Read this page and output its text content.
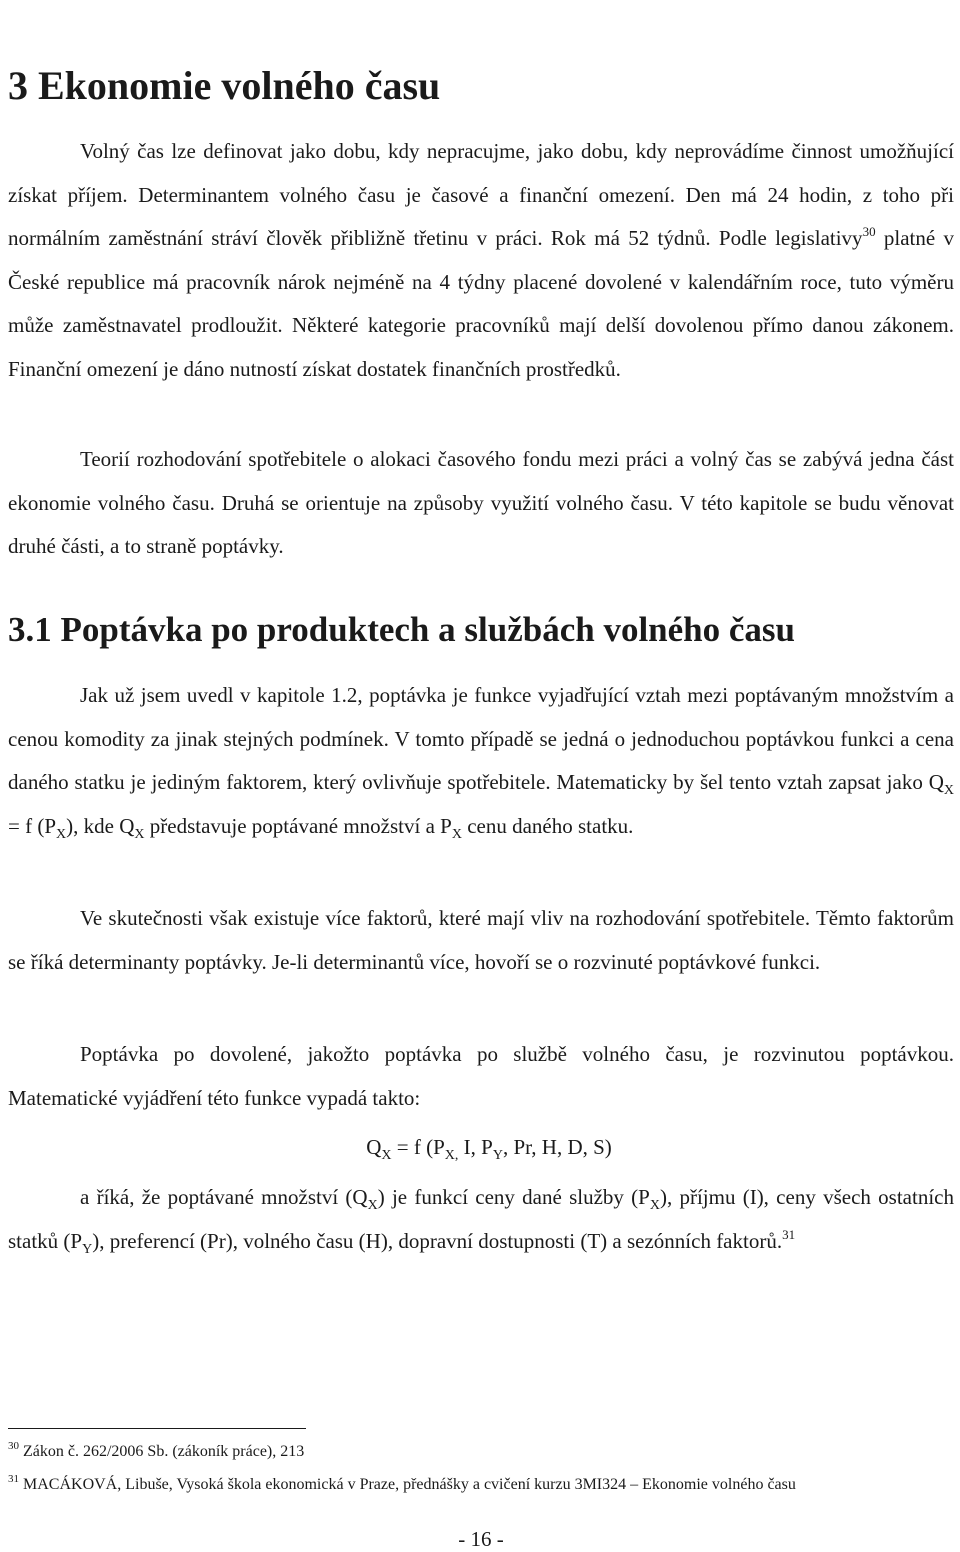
3 Ekonomie volného času

Volný čas lze definovat jako dobu, kdy nepracujme, jako dobu, kdy neprovádíme činnost umožňující získat příjem. Determinantem volného času je časové a finanční omezení. Den má 24 hodin, z toho při normálním zaměstnání stráví člověk přibližně třetinu v práci. Rok má 52 týdnů. Podle legislativy$^{30}$ platné v České republice má pracovník nárok nejméně na 4 týdny placené dovolené v kalendářním roce, tuto výměru může zaměstnavatel prodloužit. Některé kategorie pracovníků mají delší dovolenou přímo danou zákonem. Finanční omezení je dáno nutností získat dostatek finančních prostředků.

Teorií rozhodování spotřebitele o alokaci časového fondu mezi práci a volný čas se zabývá jedna část ekonomie volného času. Druhá se orientuje na způsoby využití volného času. V této kapitole se budu věnovat druhé části, a to straně poptávky.

3.1 Poptávka po produktech a službách volného času

Jak už jsem uvedl v kapitole 1.2, poptávka je funkce vyjadřující vztah mezi poptávaným množstvím a cenou komodity za jinak stejných podmínek. V tomto případě se jedná o jednoduchou poptávkou funkci a cena daného statku je jediným faktorem, který ovlivňuje spotřebitele. Matematicky by šel tento vztah zapsat jako $Q_X = f$ $(P_X)$, kde $Q_X$ představuje poptávané množství a $P_X$ cenu daného statku.

Ve skutečnosti však existuje více faktorů, které mají vliv na rozhodování spotřebitele. Těmto faktorům se říká determinanty poptávky. Je-li determinantů více, hovoří se o rozvinuté poptávkové funkci.

Poptávka po dovolené, jakožto poptávka po službě volného času, je rozvinutou poptávkou. Matematické vyjádření této funkce vypadá takto:

$Q_X = f$ ($P_{X,}$ I, $P_Y$, Pr, H, D, S)

a říká, že poptávané množství $(Q_X)$ je funkcí ceny dané služby $(P_X)$, příjmu (I), ceny všech ostatních statků $(P_Y)$, preferencí (Pr), volného času (H), dopravní dostupnosti (T) a sezónních faktorů.$^{31}$

$^{30}$ Zákon č. 262/2006 Sb. (zákoník práce), 213

$^{31}$ MACÁKOVÁ, Libuše, Vysoká škola ekonomická v Praze, přednášky a cvičení kurzu 3MI324 – Ekonomie volného času

- 16 -
